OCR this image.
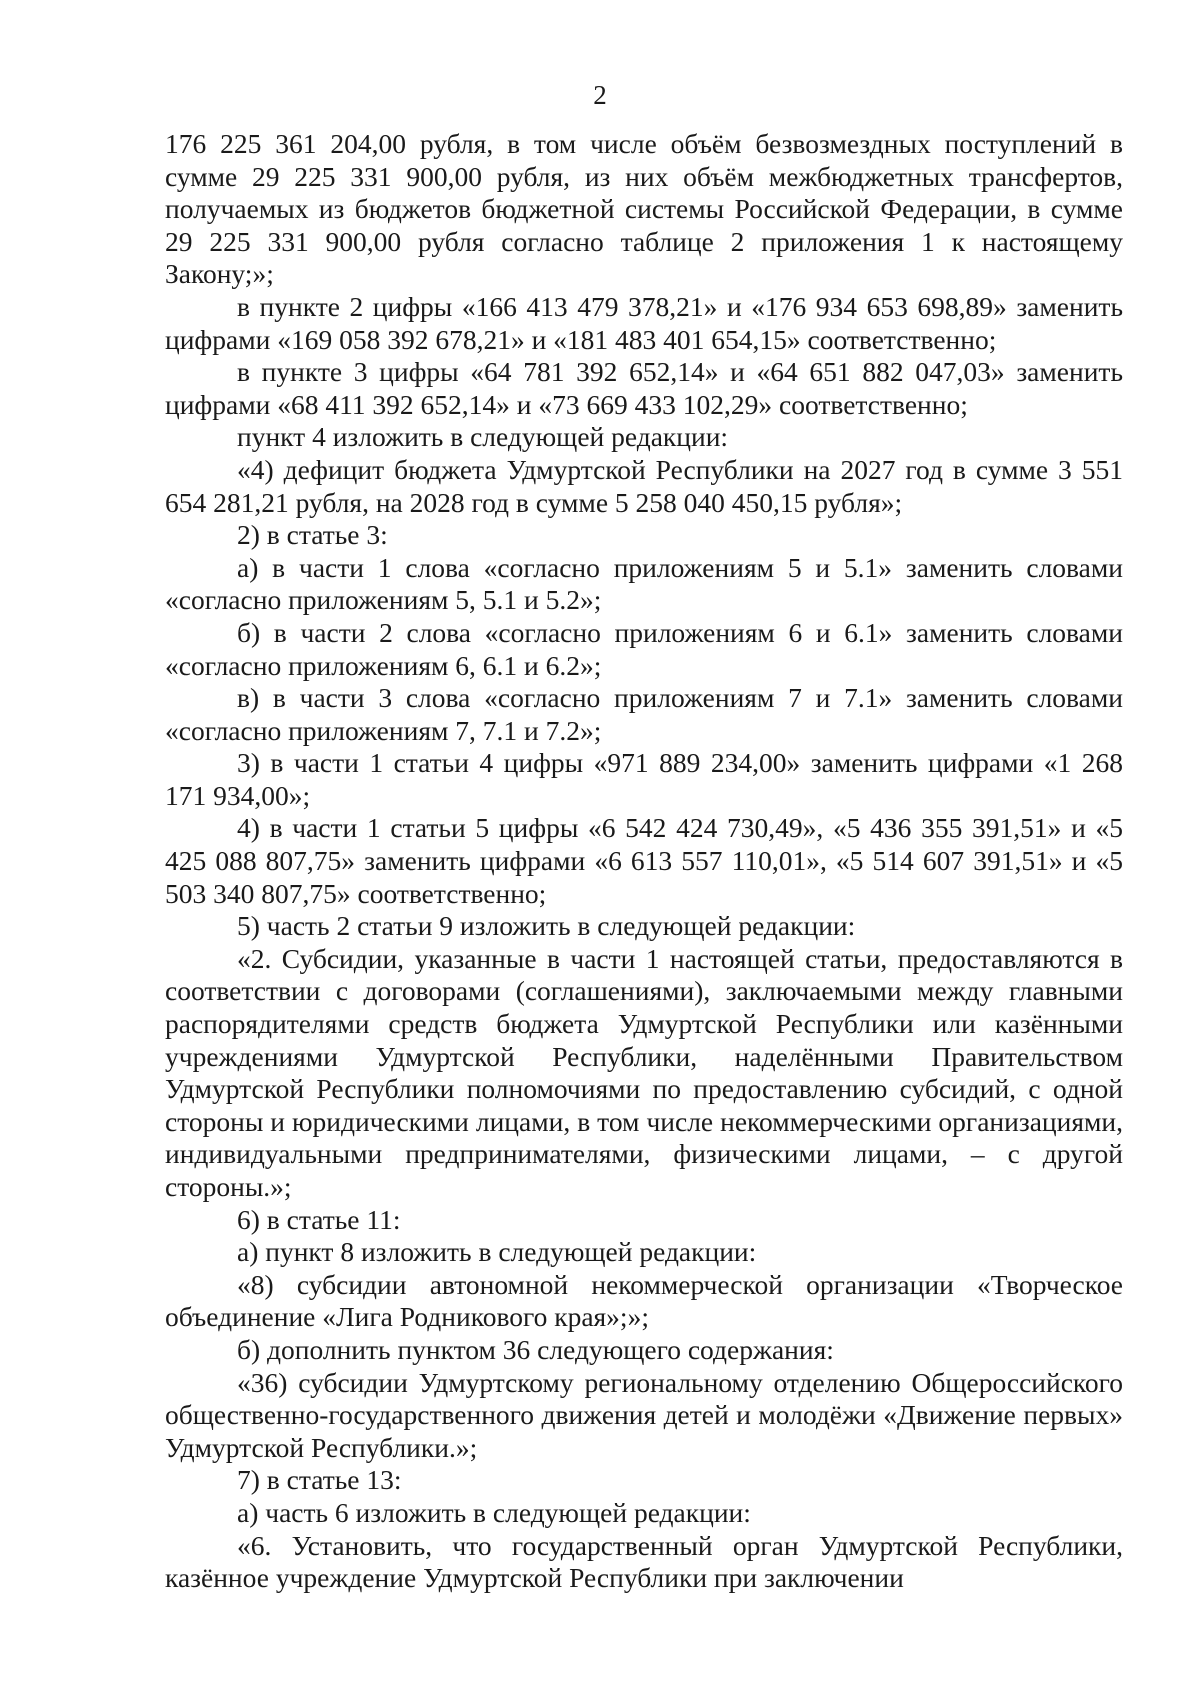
2

176 225 361 204,00 рубля, в том числе объём безвозмездных поступлений в сумме 29 225 331 900,00 рубля, из них объём межбюджетных трансфертов, получаемых из бюджетов бюджетной системы Российской Федерации, в сумме 29 225 331 900,00 рубля согласно таблице 2 приложения 1 к настоящему Закону;»;

в пункте 2 цифры «166 413 479 378,21» и «176 934 653 698,89» заменить цифрами «169 058 392 678,21» и «181 483 401 654,15» соответственно;

в пункте 3 цифры «64 781 392 652,14» и «64 651 882 047,03» заменить цифрами «68 411 392 652,14» и «73 669 433 102,29» соответственно;

пункт 4 изложить в следующей редакции:

«4) дефицит бюджета Удмуртской Республики на 2027 год в сумме 3 551 654 281,21 рубля, на 2028 год в сумме 5 258 040 450,15 рубля»;

2) в статье 3:

а) в части 1 слова «согласно приложениям 5 и 5.1» заменить словами «согласно приложениям 5, 5.1 и 5.2»;

б) в части 2 слова «согласно приложениям 6 и 6.1» заменить словами «согласно приложениям 6, 6.1 и 6.2»;

в) в части 3 слова «согласно приложениям 7 и 7.1» заменить словами «согласно приложениям 7, 7.1 и 7.2»;

3) в части 1 статьи 4 цифры «971 889 234,00» заменить цифрами «1 268 171 934,00»;

4) в части 1 статьи 5 цифры «6 542 424 730,49», «5 436 355 391,51» и «5 425 088 807,75» заменить цифрами «6 613 557 110,01», «5 514 607 391,51» и «5 503 340 807,75» соответственно;

5) часть 2 статьи 9 изложить в следующей редакции:

«2. Субсидии, указанные в части 1 настоящей статьи, предоставляются в соответствии с договорами (соглашениями), заключаемыми между главными распорядителями средств бюджета Удмуртской Республики или казёнными учреждениями Удмуртской Республики, наделёнными Правительством Удмуртской Республики полномочиями по предоставлению субсидий, с одной стороны и юридическими лицами, в том числе некоммерческими организациями, индивидуальными предпринимателями, физическими лицами, – с другой стороны.»;

6) в статье 11:

а) пункт 8 изложить в следующей редакции:

«8) субсидии автономной некоммерческой организации «Творческое объединение «Лига Родникового края»;»;

б) дополнить пунктом 36 следующего содержания:

«36) субсидии Удмуртскому региональному отделению Общероссийского общественно-государственного движения детей и молодёжи «Движение первых» Удмуртской Республики.»;

7) в статье 13:

а) часть 6 изложить в следующей редакции:

«6. Установить, что государственный орган Удмуртской Республики, казённое учреждение Удмуртской Республики при заключении
